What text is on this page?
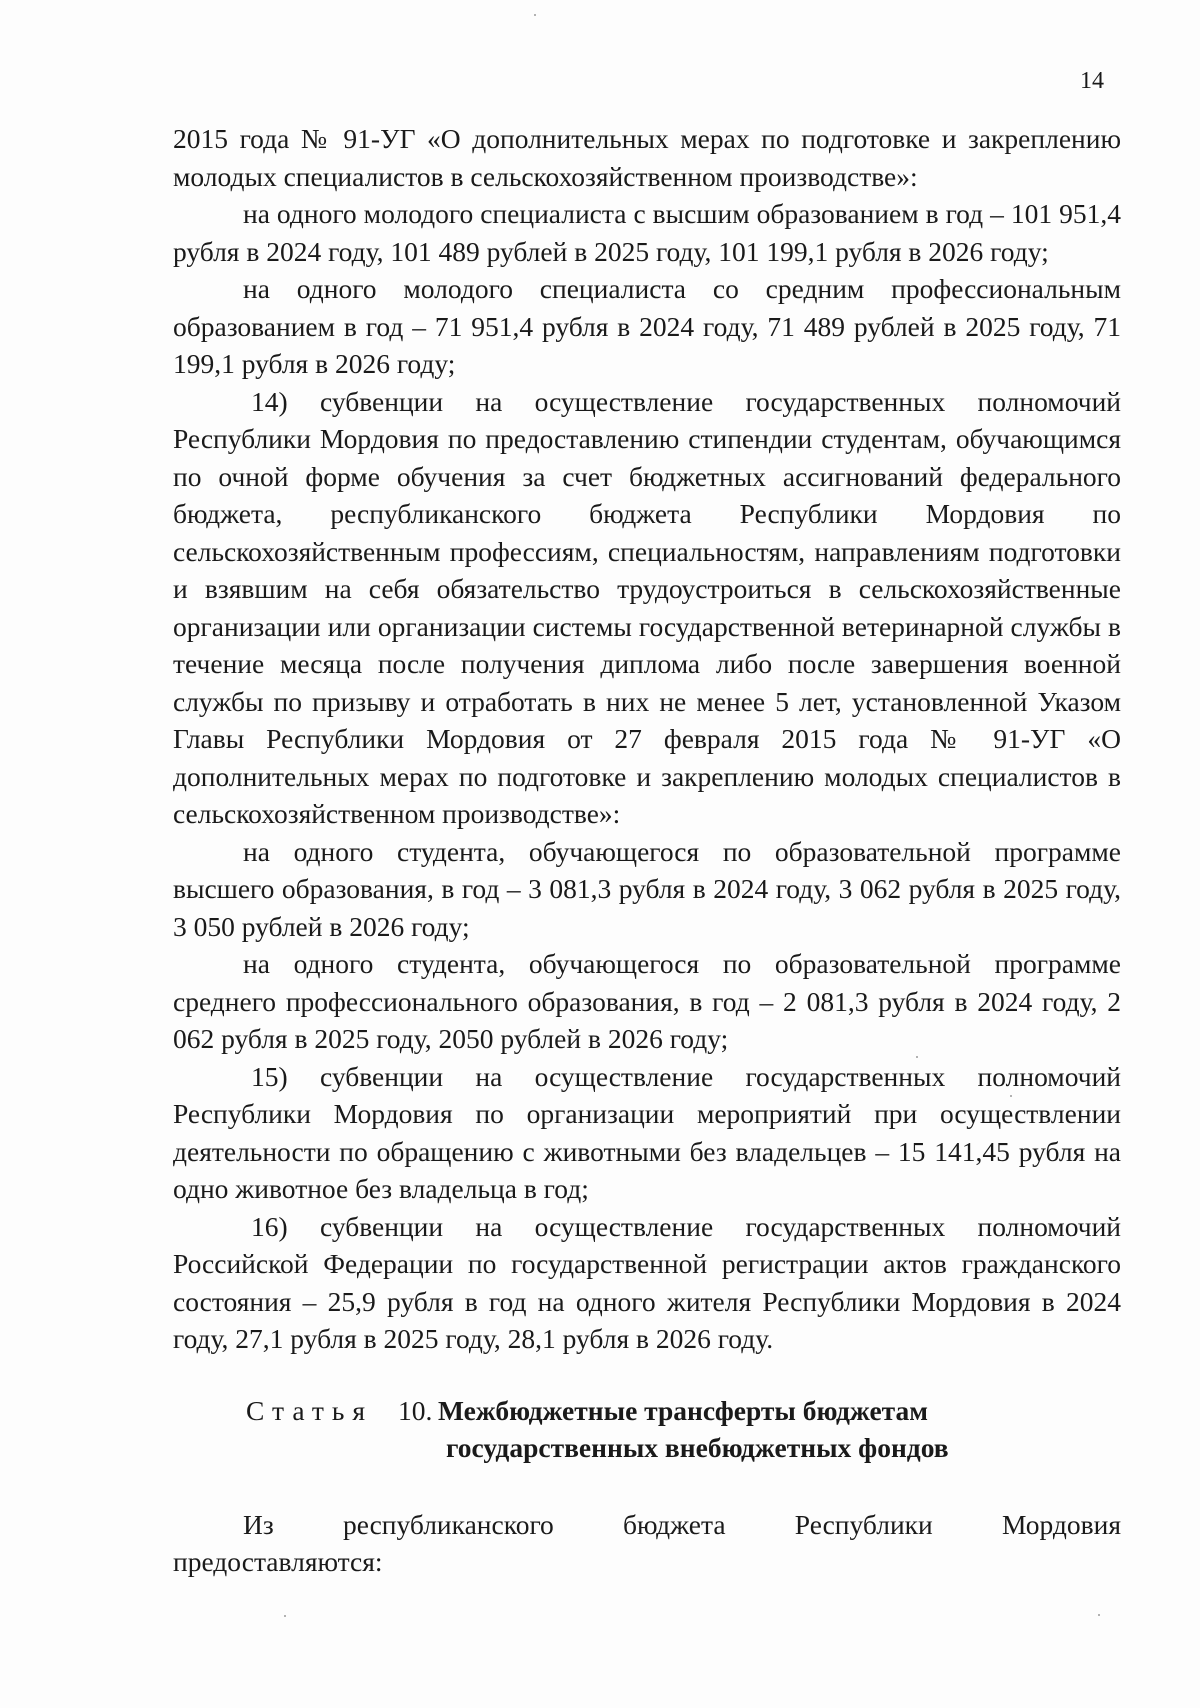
14

2015 года № 91-УГ «О дополнительных мерах по подготовке и закреплению молодых специалистов в сельскохозяйственном производстве»:

на одного молодого специалиста с высшим образованием в год – 101 951,4 рубля в 2024 году, 101 489 рублей в 2025 году, 101 199,1 рубля в 2026 году;

на одного молодого специалиста со средним профессиональным образованием в год – 71 951,4 рубля в 2024 году, 71 489 рублей в 2025 году, 71 199,1 рубля в 2026 году;

14) субвенции на осуществление государственных полномочий Республики Мордовия по предоставлению стипендии студентам, обучающимся по очной форме обучения за счет бюджетных ассигнований федерального бюджета, республиканского бюджета Республики Мордовия по сельскохозяйственным профессиям, специальностям, направлениям подготовки и взявшим на себя обязательство трудоустроиться в сельскохозяйственные организации или организации системы государственной ветеринарной службы в течение месяца после получения диплома либо после завершения военной службы по призыву и отработать в них не менее 5 лет, установленной Указом Главы Республики Мордовия от 27 февраля 2015 года № 91-УГ «О дополнительных мерах по подготовке и закреплению молодых специалистов в сельскохозяйственном производстве»:

на одного студента, обучающегося по образовательной программе высшего образования, в год – 3 081,3 рубля в 2024 году, 3 062 рубля в 2025 году, 3 050 рублей в 2026 году;

на одного студента, обучающегося по образовательной программе среднего профессионального образования, в год – 2 081,3 рубля в 2024 году, 2 062 рубля в 2025 году, 2050 рублей в 2026 году;

15) субвенции на осуществление государственных полномочий Республики Мордовия по организации мероприятий при осуществлении деятельности по обращению с животными без владельцев – 15 141,45 рубля на одно животное без владельца в год;

16) субвенции на осуществление государственных полномочий Российской Федерации по государственной регистрации актов гражданского состояния – 25,9 рубля в год на одного жителя Республики Мордовия в 2024 году, 27,1 рубля в 2025 году, 28,1 рубля в 2026 году.

Статья 10. Межбюджетные трансферты бюджетам
государственных внебюджетных фондов
Из	республиканского	бюджета	Республики	Мордовия
предоставляются:
